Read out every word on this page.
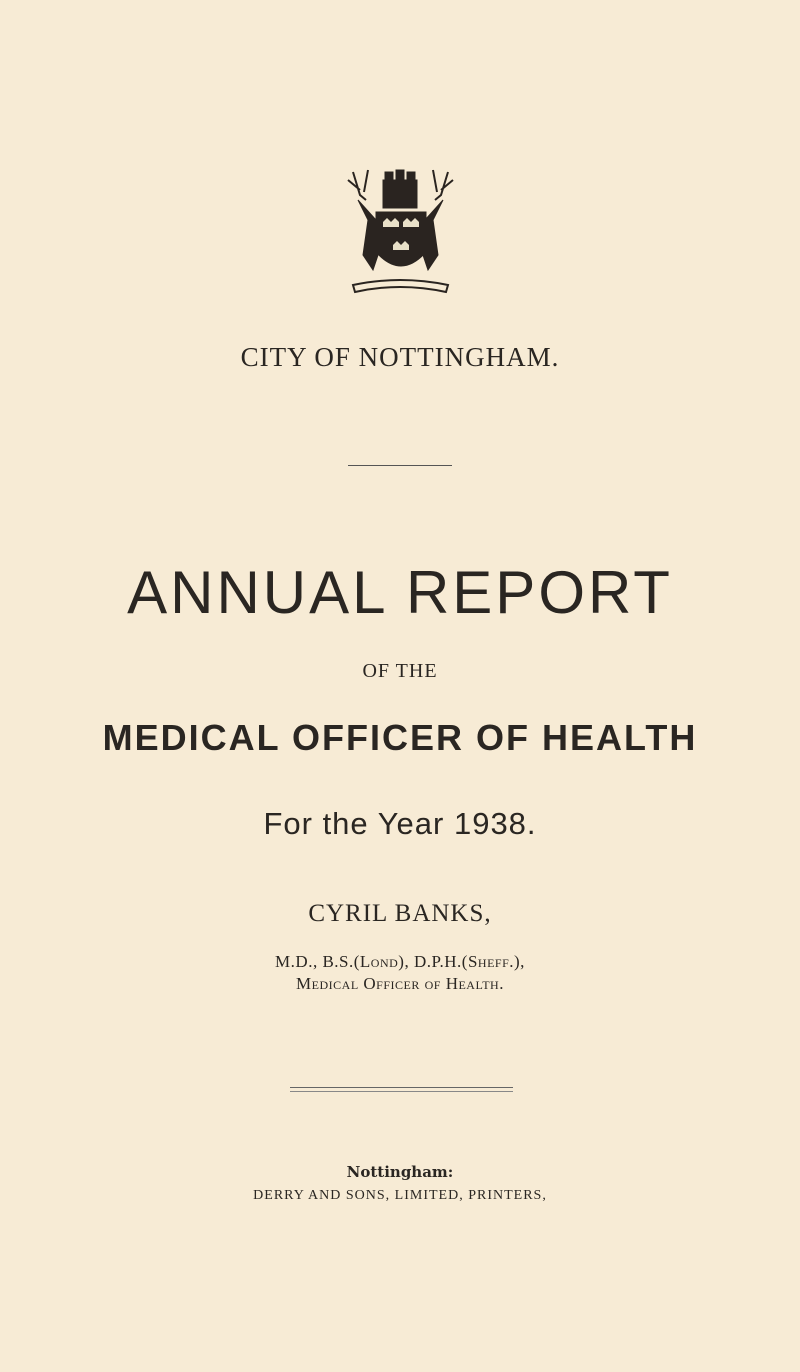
CITY OF NOTTINGHAM.
ANNUAL REPORT
OF THE
MEDICAL OFFICER OF HEALTH
For the Year 1938.
CYRIL BANKS,
M.D., B.S.(Lond), D.P.H.(Sheff.),
Medical Officer of Health.
Nottingham:
DERRY AND SONS, LIMITED, PRINTERS,
